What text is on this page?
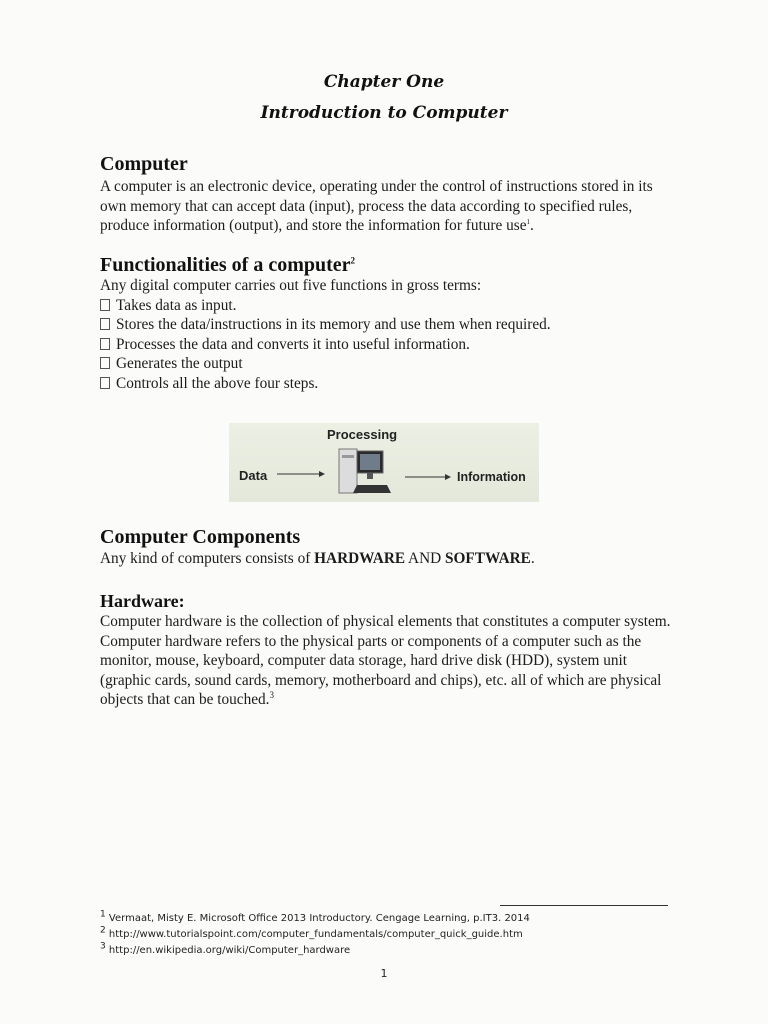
Chapter One
Introduction to Computer
Computer
A computer is an electronic device, operating under the control of instructions stored in its own memory that can accept data (input), process the data according to specified rules, produce information (output), and store the information for future use$^1$.
Functionalities of a computer$^2$

Any digital computer carries out five functions in gross terms:

Takes data as input.

Stores the data/instructions in its memory and use them when required.

Processes the data and converts it into useful information.

Generates the output

Controls all the above four steps.

Processing
Data	Information
Computer Components
Any kind of computers consists of HARDWARE AND SOFTWARE.
Hardware:
Computer hardware is the collection of physical elements that constitutes a computer system. Computer hardware refers to the physical parts or components of a computer such as the monitor, mouse, keyboard, computer data storage, hard drive disk (HDD), system unit (graphic cards, sound cards, memory, motherboard and chips), etc. all of which are physical objects that can be touched.$^3$
$^1$ Vermaat, Misty E. Microsoft Office 2013 Introductory. Cengage Learning, p.IT3. 2014
$^2$ http://www.tutorialspoint.com/computer_fundamentals/computer_quick_guide.htm
$^3$ http://en.wikipedia.org/wiki/Computer_hardware
1
